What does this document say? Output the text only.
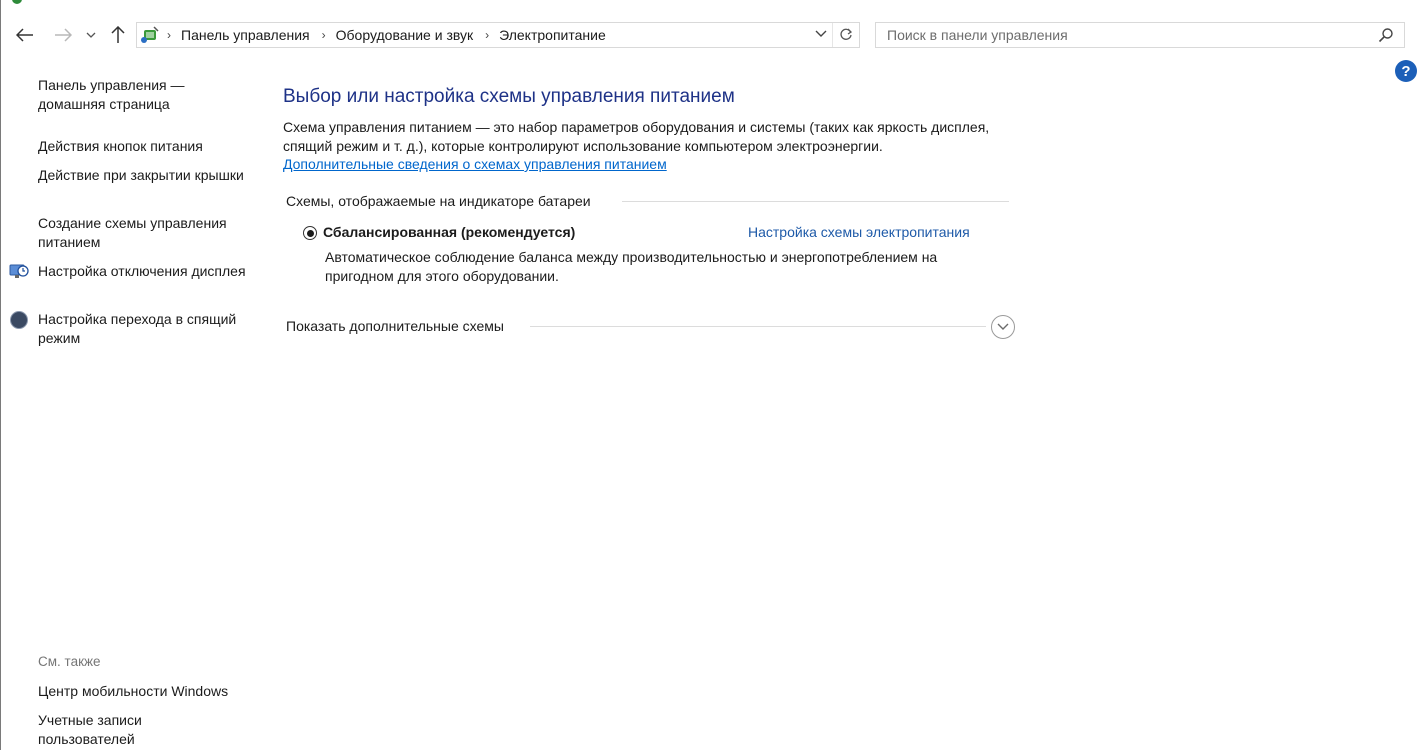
› Панель управления › Оборудование и звук › Электропитание
Поиск в панели управления
?
Панель управления — домашняя страница
Действия кнопок питания
Действие при закрытии крышки
Создание схемы управления питанием
Настройка отключения дисплея
Настройка перехода в спящий режим
См. также
Центр мобильности Windows
Учетные записи пользователей
Выбор или настройка схемы управления питанием
Схема управления питанием — это набор параметров оборудования и системы (таких как яркость дисплея, спящий режим и т. д.), которые контролируют использование компьютером электроэнергии.
Дополнительные сведения о схемах управления питанием
Схемы, отображаемые на индикаторе батареи
Сбалансированная (рекомендуется)	Настройка схемы электропитания
Автоматическое соблюдение баланса между производительностью и энергопотреблением на пригодном для этого оборудовании.
Показать дополнительные схемы
